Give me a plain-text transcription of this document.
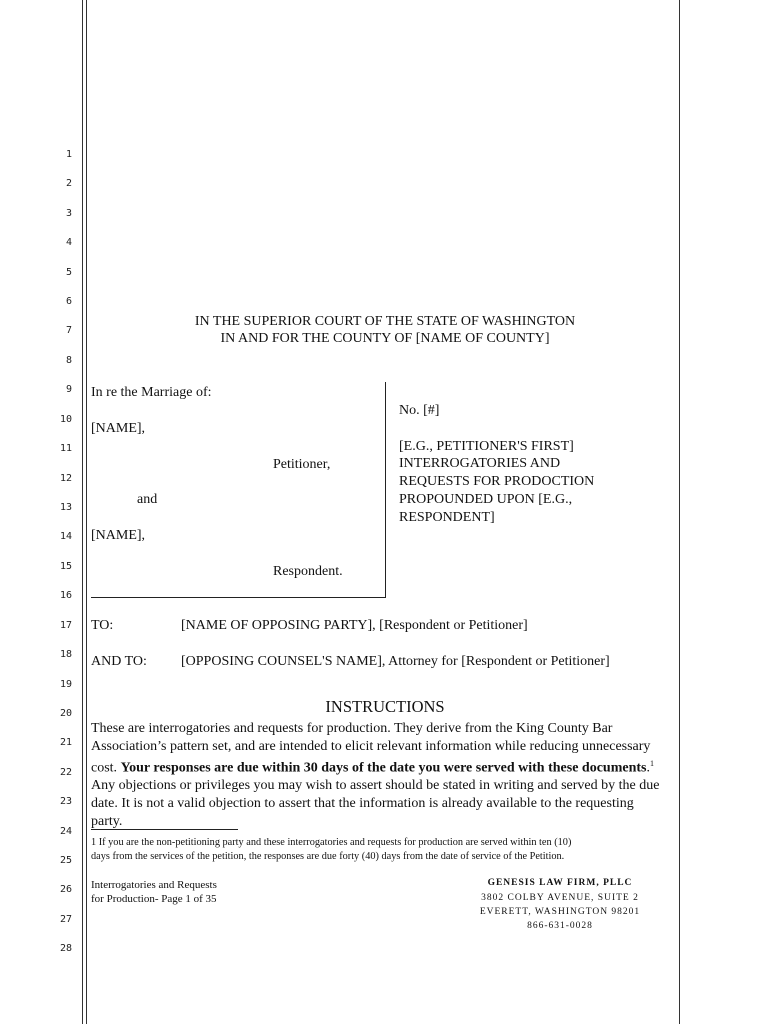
1
2
3
4
5
6
7
8
9
10
11
12
13
14
15
16
17
18
19
20
21
22
23
24
25
26
27
28
IN THE SUPERIOR COURT OF THE STATE OF WASHINGTON
IN AND FOR THE COUNTY OF [NAME OF COUNTY]
In re the Marriage of:
[NAME],
Petitioner,
and
[NAME],
Respondent.
No. [#]
[E.G., PETITIONER'S FIRST]
INTERROGATORIES AND
REQUESTS FOR PRODOCTION
PROPOUNDED UPON [E.G.,
RESPONDENT]
TO:	[NAME OF OPPOSING PARTY], [Respondent or Petitioner]
AND TO: [OPPOSING COUNSEL'S NAME], Attorney for [Respondent or Petitioner]
INSTRUCTIONS
These are interrogatories and requests for production. They derive from the King County Bar Association’s pattern set, and are intended to elicit relevant information while reducing unnecessary cost. Your responses are due within 30 days of the date you were served with these documents.$^1$ Any objections or privileges you may wish to assert should be stated in writing and served by the due date. It is not a valid objection to assert that the information is already available to the requesting party.
1 If you are the non-petitioning party and these interrogatories and requests for production are served within ten (10)
days from the services of the petition, the responses are due forty (40) days from the date of service of the Petition.
Interrogatories and Requests
for Production- Page 1 of 35
GENESIS LAW FIRM, PLLC
3802 COLBY AVENUE, SUITE 2
EVERETT, WASHINGTON 98201
866-631-0028
